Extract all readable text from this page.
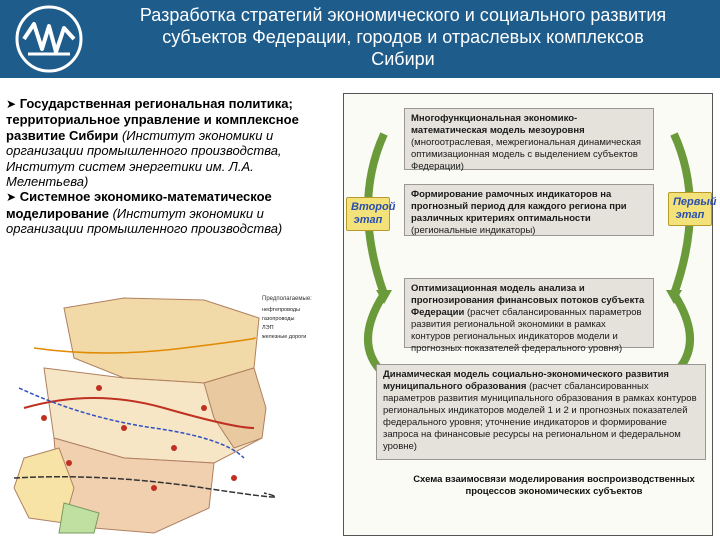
Разработка стратегий экономического и социального развития
субъектов Федерации, городов и отраслевых комплексов
Сибири
➤ Государственная региональная политика; территориальное управление и комплексное развитие Сибири (Институт экономики и организации промышленного производства, Институт систем энергетики им. Л.А. Мелентьева)
➤ Системное экономико-математическое моделирование (Институт экономики и организации промышленного производства)
Предполагаемые:
нефтепроводы
газопроводы
ЛЭП
железные дороги
Многофункциональная экономико-математическая модель мезоуровня (многоотраслевая, межрегиональная динамическая оптимизационная модель с выделением субъектов Федерации)
Формирование рамочных индикаторов на прогнозный период для каждого региона при различных критериях оптимальности (региональные индикаторы)
Оптимизационная модель анализа и прогнозирования финансовых потоков субъекта Федерации (расчет сбалансированных параметров развития региональной экономики в рамках контуров региональных индикаторов модели и прогнозных показателей федерального уровня)
Динамическая модель социально-экономического развития муниципального образования (расчет сбалансированных параметров развития муниципального образования в рамках контуров региональных индикаторов моделей 1 и 2 и прогнозных показателей федерального уровня; уточнение индикаторов и формирование запроса на финансовые ресурсы на региональном и федеральном уровне)
Второй этап
Первый этап
Схема взаимосвязи моделирования воспроизводственных процессов экономических субъектов
